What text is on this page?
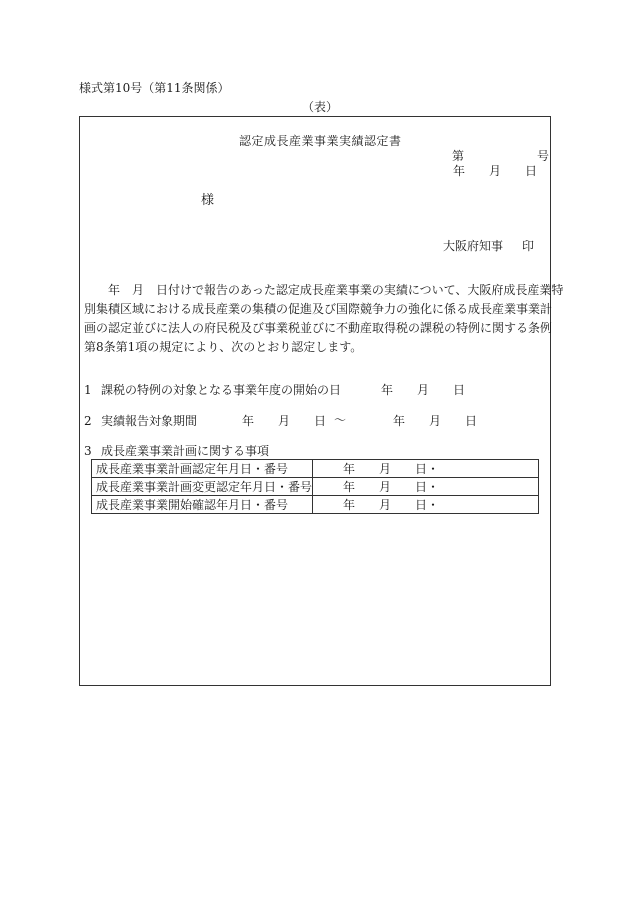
様式第10号（第11条関係）
（表）
認定成長産業事業実績認定書
第	号
年 月 日
様
大阪府知事 印
　　年　月　日付けで報告のあった認定成長産業事業の実績について、大阪府成長産業特
別集積区域における成長産業の集積の促進及び国際競争力の強化に係る成長産業事業計
画の認定並びに法人の府民税及び事業税並びに不動産取得税の課税の特例に関する条例
第8条第1項の規定により、次のとおり認定します。
1 課税の特例の対象となる事業年度の開始の日	年 月 日
2 実績報告対象期間	年 月 日 ～	年 月 日
3 成長産業事業計画に関する事項
成長産業事業計画認定年月日・番号	年 月 日・
成長産業事業計画変更認定年月日・番号	年 月 日・
成長産業事業開始確認年月日・番号	年 月 日・
